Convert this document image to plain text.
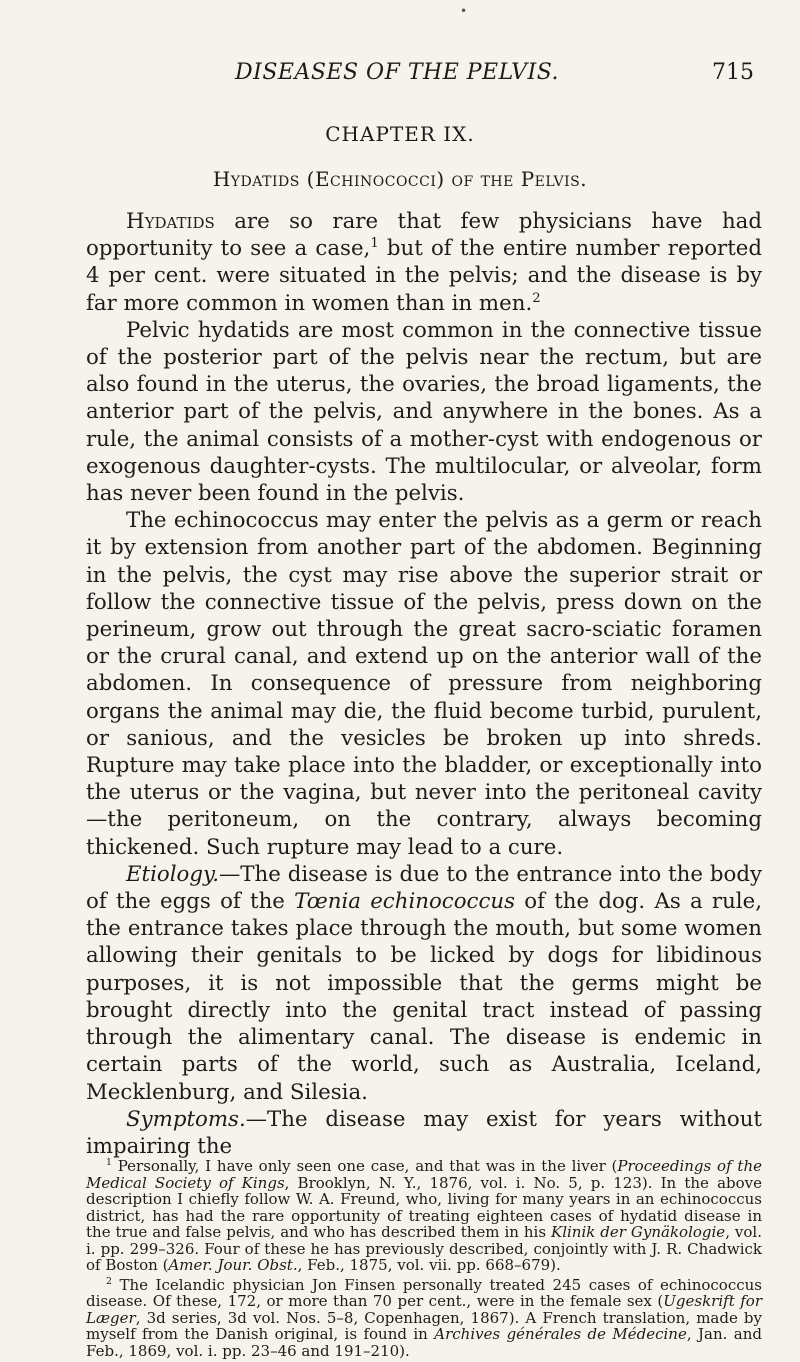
•
DISEASES OF THE PELVIS.	715
CHAPTER IX.
Hydatids (Echinococci) of the Pelvis.

Hydatids are so rare that few physicians have had opportunity to see a case,$^1$ but of the entire number reported 4 per cent. were situated in the pelvis; and the disease is by far more common in women than in men.$^2$

Pelvic hydatids are most common in the connective tissue of the posterior part of the pelvis near the rectum, but are also found in the uterus, the ovaries, the broad ligaments, the anterior part of the pelvis, and anywhere in the bones. As a rule, the animal consists of a mother-cyst with endogenous or exogenous daughter-cysts. The multilocular, or alveolar, form has never been found in the pelvis.

The echinococcus may enter the pelvis as a germ or reach it by extension from another part of the abdomen. Beginning in the pelvis, the cyst may rise above the superior strait or follow the connective tissue of the pelvis, press down on the perineum, grow out through the great sacro-sciatic foramen or the crural canal, and extend up on the anterior wall of the abdomen. In consequence of pressure from neighboring organs the animal may die, the fluid become turbid, purulent, or sanious, and the vesicles be broken up into shreds. Rupture may take place into the bladder, or exceptionally into the uterus or the vagina, but never into the peritoneal cavity—the peritoneum, on the contrary, always becoming thickened. Such rupture may lead to a cure.

Etiology.—The disease is due to the entrance into the body of the eggs of the Tœnia echinococcus of the dog. As a rule, the entrance takes place through the mouth, but some women allowing their genitals to be licked by dogs for libidinous purposes, it is not impossible that the germs might be brought directly into the genital tract instead of passing through the alimentary canal. The disease is endemic in certain parts of the world, such as Australia, Iceland, Mecklenburg, and Silesia.

Symptoms.—The disease may exist for years without impairing the

$^1$ Personally, I have only seen one case, and that was in the liver (Proceedings of the Medical Society of Kings, Brooklyn, N. Y., 1876, vol. i. No. 5, p. 123). In the above description I chiefly follow W. A. Freund, who, living for many years in an echinococcus district, has had the rare opportunity of treating eighteen cases of hydatid disease in the true and false pelvis, and who has described them in his Klinik der Gynäkologie, vol. i. pp. 299–326. Four of these he has previously described, conjointly with J. R. Chadwick of Boston (Amer. Jour. Obst., Feb., 1875, vol. vii. pp. 668–679).

$^2$ The Icelandic physician Jon Finsen personally treated 245 cases of echinococcus disease. Of these, 172, or more than 70 per cent., were in the female sex (Ugeskrift for Læger, 3d series, 3d vol. Nos. 5–8, Copenhagen, 1867). A French translation, made by myself from the Danish original, is found in Archives générales de Médecine, Jan. and Feb., 1869, vol. i. pp. 23–46 and 191–210).
